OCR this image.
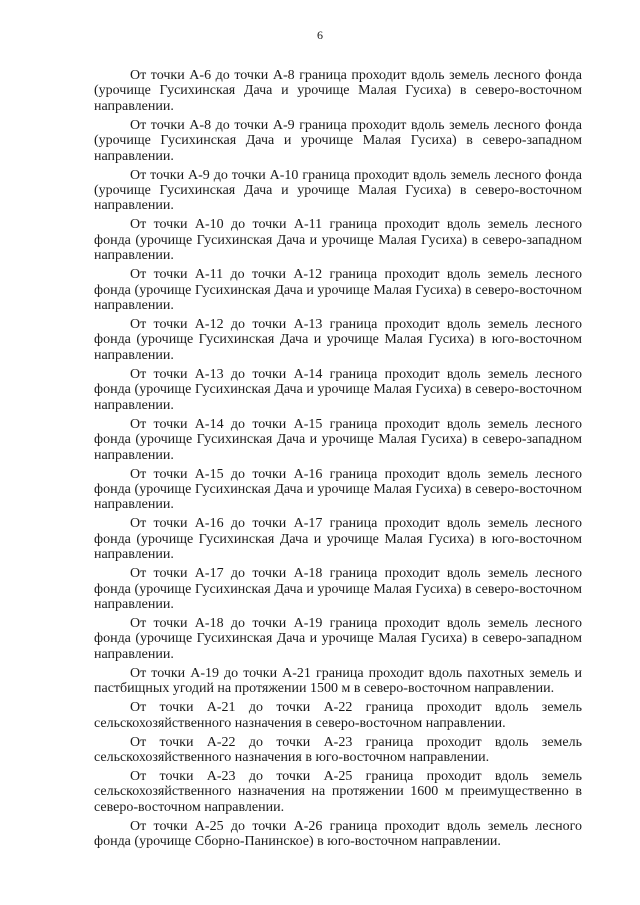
6

От точки А-6 до точки А-8 граница проходит вдоль земель лесного фонда (урочище Гусихинская Дача и урочище Малая Гусиха) в северо-восточном направлении.

От точки А-8 до точки А-9 граница проходит вдоль земель лесного фонда (урочище Гусихинская Дача и урочище Малая Гусиха) в северо-западном направлении.

От точки А-9 до точки А-10 граница проходит вдоль земель лесного фонда (урочище Гусихинская Дача и урочище Малая Гусиха) в северо-восточном направлении.

От точки А-10 до точки А-11 граница проходит вдоль земель лесного фонда (урочище Гусихинская Дача и урочище Малая Гусиха) в северо-западном направлении.

От точки А-11 до точки А-12 граница проходит вдоль земель лесного фонда (урочище Гусихинская Дача и урочище Малая Гусиха) в северо-восточном направлении.

От точки А-12 до точки А-13 граница проходит вдоль земель лесного фонда (урочище Гусихинская Дача и урочище Малая Гусиха) в юго-восточном направлении.

От точки А-13 до точки А-14 граница проходит вдоль земель лесного фонда (урочище Гусихинская Дача и урочище Малая Гусиха) в северо-восточном направлении.

От точки А-14 до точки А-15 граница проходит вдоль земель лесного фонда (урочище Гусихинская Дача и урочище Малая Гусиха) в северо-западном направлении.

От точки А-15 до точки А-16 граница проходит вдоль земель лесного фонда (урочище Гусихинская Дача и урочище Малая Гусиха) в северо-восточном направлении.

От точки А-16 до точки А-17 граница проходит вдоль земель лесного фонда (урочище Гусихинская Дача и урочище Малая Гусиха) в юго-восточном направлении.

От точки А-17 до точки А-18 граница проходит вдоль земель лесного фонда (урочище Гусихинская Дача и урочище Малая Гусиха) в северо-восточном направлении.

От точки А-18 до точки А-19 граница проходит вдоль земель лесного фонда (урочище Гусихинская Дача и урочище Малая Гусиха) в северо-западном направлении.

От точки А-19 до точки А-21 граница проходит вдоль пахотных земель и пастбищных угодий на протяжении 1500 м в северо-восточном направлении.

От точки А-21 до точки А-22 граница проходит вдоль земель сельскохозяйственного назначения в северо-восточном направлении.

От точки А-22 до точки А-23 граница проходит вдоль земель сельскохозяйственного назначения в юго-восточном направлении.

От точки А-23 до точки А-25 граница проходит вдоль земель сельскохозяйственного назначения на протяжении 1600 м преимущественно в северо-восточном направлении.

От точки А-25 до точки А-26 граница проходит вдоль земель лесного фонда (урочище Сборно-Панинское) в юго-восточном направлении.
